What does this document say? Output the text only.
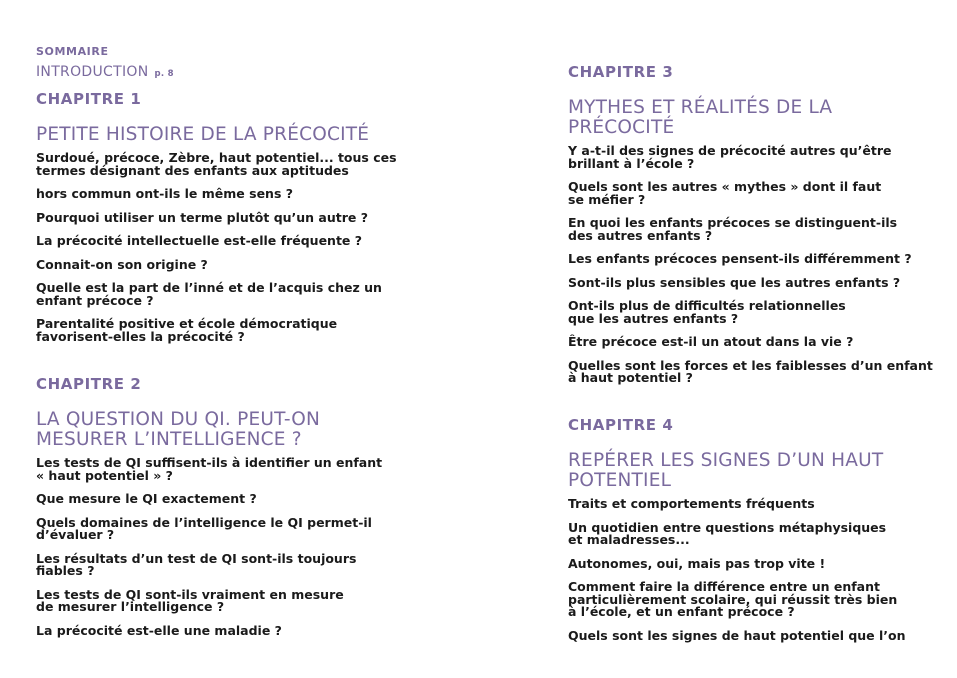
SOMMAIRE
INTRODUCTION p. 8
CHAPITRE 1
PETITE HISTOIRE DE LA PRÉCOCITÉ
Surdoué, précoce, Zèbre, haut potentiel... tous ces
termes désignant des enfants aux aptitudes
hors commun ont-ils le même sens ?
Pourquoi utiliser un terme plutôt qu’un autre ?
La précocité intellectuelle est-elle fréquente ?
Connait-on son origine ?
Quelle est la part de l’inné et de l’acquis chez un
enfant précoce ?
Parentalité positive et école démocratique
favorisent-elles la précocité ?
CHAPITRE 2
LA QUESTION DU QI. PEUT-ON
MESURER L’INTELLIGENCE ?
Les tests de QI suffisent-ils à identifier un enfant
« haut potentiel » ?
Que mesure le QI exactement ?
Quels domaines de l’intelligence le QI permet-il
d’évaluer ?
Les résultats d’un test de QI sont-ils toujours
fiables ?
Les tests de QI sont-ils vraiment en mesure
de mesurer l’intelligence ?
La précocité est-elle une maladie ?
CHAPITRE 3
MYTHES ET RÉALITÉS DE LA
PRÉCOCITÉ
Y a-t-il des signes de précocité autres qu’être
brillant à l’école ?
Quels sont les autres « mythes » dont il faut
se méfier ?
En quoi les enfants précoces se distinguent-ils
des autres enfants ?
Les enfants précoces pensent-ils différemment ?
Sont-ils plus sensibles que les autres enfants ?
Ont-ils plus de difficultés relationnelles
que les autres enfants ?
Être précoce est-il un atout dans la vie ?
Quelles sont les forces et les faiblesses d’un enfant
à haut potentiel ?
CHAPITRE 4
REPÉRER LES SIGNES D’UN HAUT
POTENTIEL
Traits et comportements fréquents
Un quotidien entre questions métaphysiques
et maladresses...
Autonomes, oui, mais pas trop vite !
Comment faire la différence entre un enfant
particulièrement scolaire, qui réussit très bien
à l’école, et un enfant précoce ?
Quels sont les signes de haut potentiel que l’on
